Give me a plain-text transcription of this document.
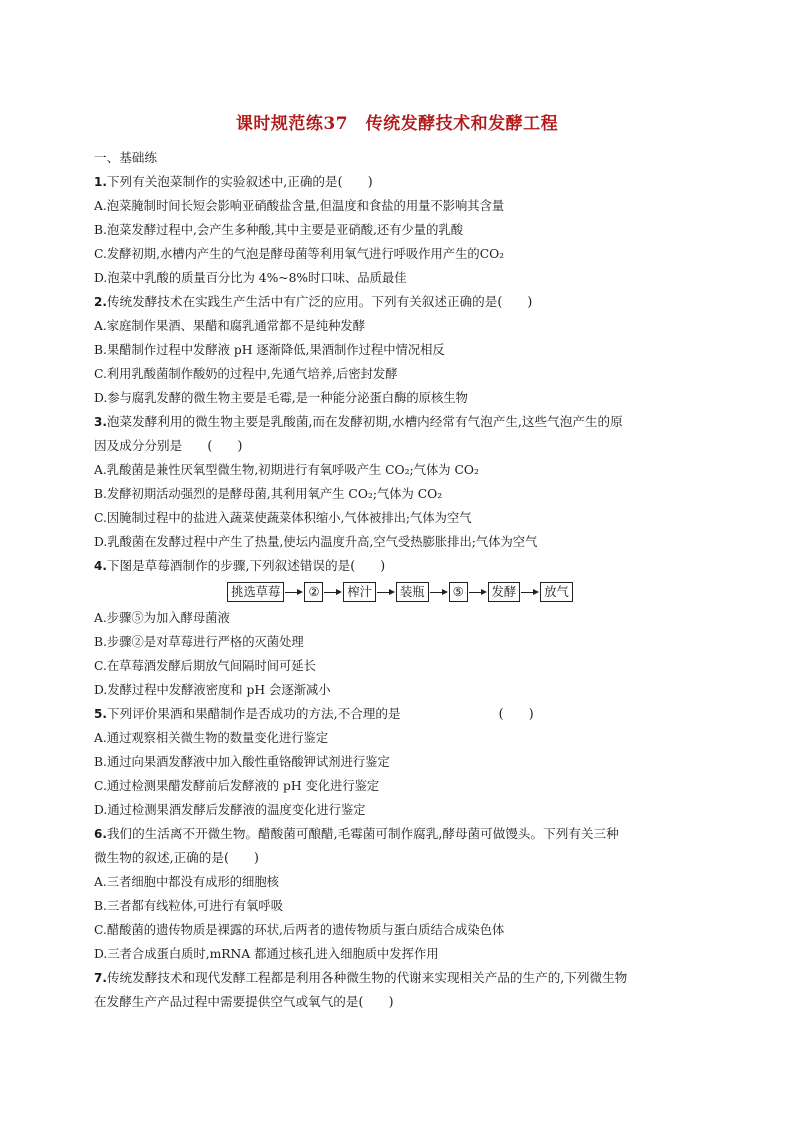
课时规范练37　传统发酵技术和发酵工程
一、基础练
1.下列有关泡菜制作的实验叙述中,正确的是(　　)
A.泡菜腌制时间长短会影响亚硝酸盐含量,但温度和食盐的用量不影响其含量
B.泡菜发酵过程中,会产生多种酸,其中主要是亚硝酸,还有少量的乳酸
C.发酵初期,水槽内产生的气泡是酵母菌等利用氧气进行呼吸作用产生的CO₂
D.泡菜中乳酸的质量百分比为 4%~8%时口味、品质最佳
2.传统发酵技术在实践生产生活中有广泛的应用。下列有关叙述正确的是(　　)
A.家庭制作果酒、果醋和腐乳通常都不是纯种发酵
B.果醋制作过程中发酵液 pH 逐渐降低,果酒制作过程中情况相反
C.利用乳酸菌制作酸奶的过程中,先通气培养,后密封发酵
D.参与腐乳发酵的微生物主要是毛霉,是一种能分泌蛋白酶的原核生物
3.泡菜发酵利用的微生物主要是乳酸菌,而在发酵初期,水槽内经常有气泡产生,这些气泡产生的原
因及成分分别是　　(　　)
A.乳酸菌是兼性厌氧型微生物,初期进行有氧呼吸产生 CO₂;气体为 CO₂
B.发酵初期活动强烈的是酵母菌,其利用氧产生 CO₂;气体为 CO₂
C.因腌制过程中的盐进入蔬菜使蔬菜体积缩小,气体被排出;气体为空气
D.乳酸菌在发酵过程中产生了热量,使坛内温度升高,空气受热膨胀排出;气体为空气
4.下图是草莓酒制作的步骤,下列叙述错误的是(　　)
挑选草莓	②	榨汁	装瓶	⑤	发酵	放气
A.步骤⑤为加入酵母菌液
B.步骤②是对草莓进行严格的灭菌处理
C.在草莓酒发酵后期放气间隔时间可延长
D.发酵过程中发酵液密度和 pH 会逐渐减小
5.下列评价果酒和果醋制作是否成功的方法,不合理的是	(　　)
A.通过观察相关微生物的数量变化进行鉴定
B.通过向果酒发酵液中加入酸性重铬酸钾试剂进行鉴定
C.通过检测果醋发酵前后发酵液的 pH 变化进行鉴定
D.通过检测果酒发酵后发酵液的温度变化进行鉴定
6.我们的生活离不开微生物。醋酸菌可酿醋,毛霉菌可制作腐乳,酵母菌可做馒头。下列有关三种
微生物的叙述,正确的是(　　)
A.三者细胞中都没有成形的细胞核
B.三者都有线粒体,可进行有氧呼吸
C.醋酸菌的遗传物质是裸露的环状,后两者的遗传物质与蛋白质结合成染色体
D.三者合成蛋白质时,mRNA 都通过核孔进入细胞质中发挥作用
7.传统发酵技术和现代发酵工程都是利用各种微生物的代谢来实现相关产品的生产的,下列微生物
在发酵生产产品过程中需要提供空气或氧气的是(　　)
